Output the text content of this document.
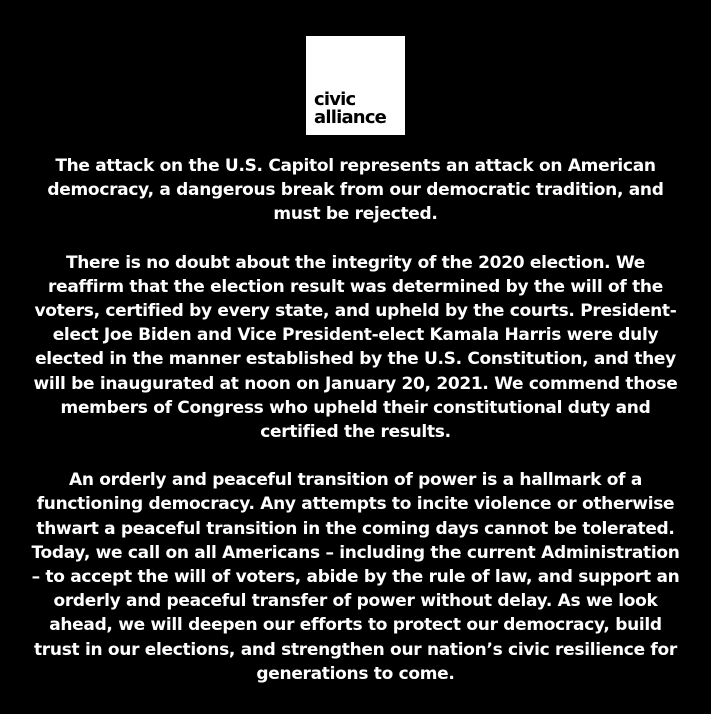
civic
alliance

The attack on the U.S. Capitol represents an attack on American democracy, a dangerous break from our democratic tradition, and must be rejected.

There is no doubt about the integrity of the 2020 election. We reaffirm that the election result was determined by the will of the voters, certified by every state, and upheld by the courts. President-elect Joe Biden and Vice President-elect Kamala Harris were duly elected in the manner established by the U.S. Constitution, and they will be inaugurated at noon on January 20, 2021. We commend those members of Congress who upheld their constitutional duty and certified the results.

An orderly and peaceful transition of power is a hallmark of a functioning democracy. Any attempts to incite violence or otherwise thwart a peaceful transition in the coming days cannot be tolerated. Today, we call on all Americans – including the current Administration – to accept the will of voters, abide by the rule of law, and support an orderly and peaceful transfer of power without delay. As we look ahead, we will deepen our efforts to protect our democracy, build trust in our elections, and strengthen our nation’s civic resilience for generations to come.
